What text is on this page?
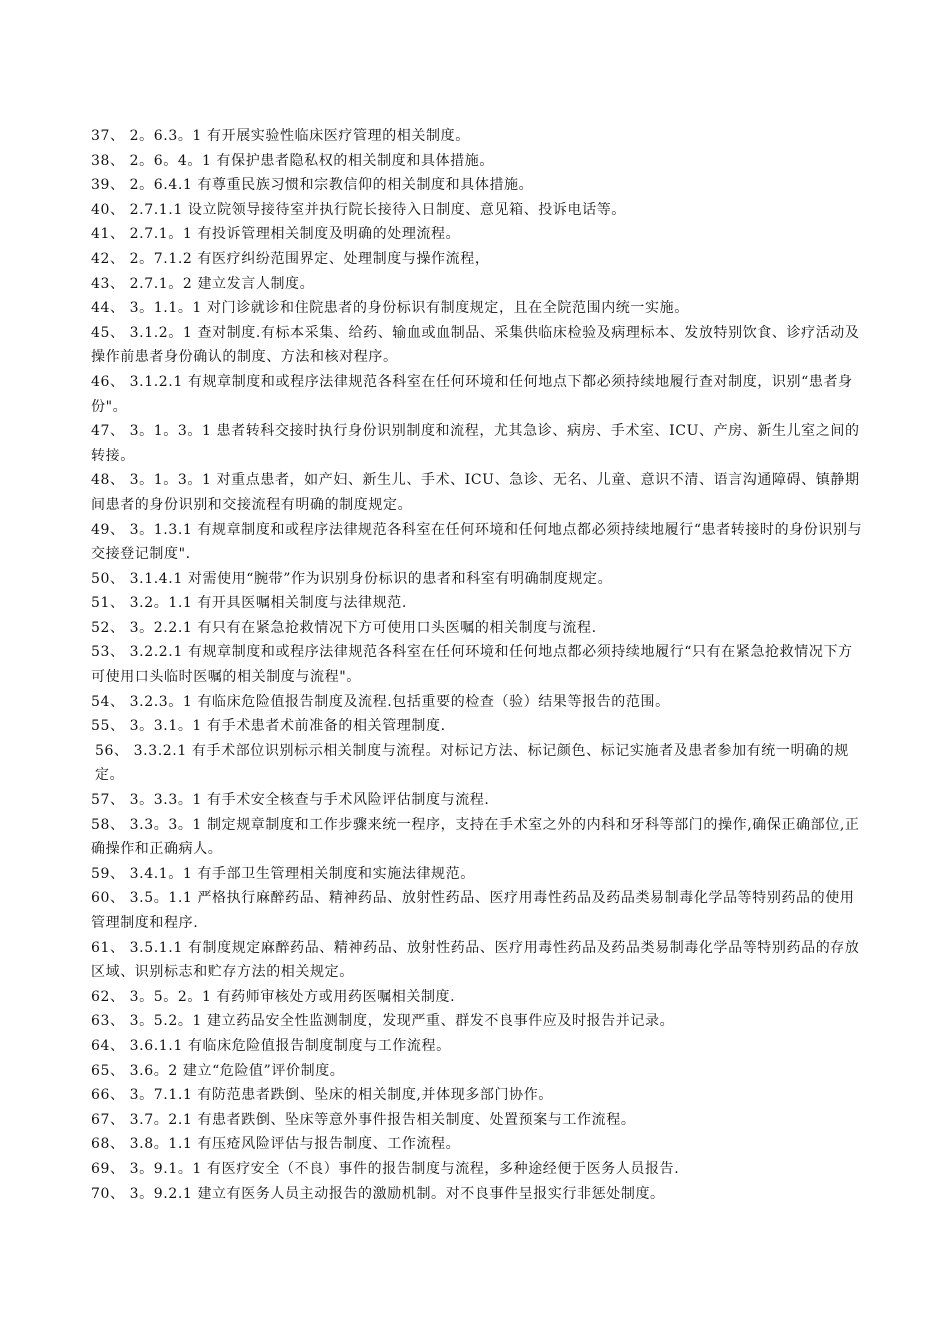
37、 2。6.3。1 有开展实验性临床医疗管理的相关制度。
38、 2。6。4。1 有保护患者隐私权的相关制度和具体措施。
39、 2。6.4.1 有尊重民族习惯和宗教信仰的相关制度和具体措施。
40、 2.7.1.1 设立院领导接待室并执行院长接待入日制度、意见箱、投诉电话等。
41、 2.7.1。1 有投诉管理相关制度及明确的处理流程。
42、 2。7.1.2 有医疗纠纷范围界定、处理制度与操作流程，
43、 2.7.1。2 建立发言人制度。
44、 3。1.1。1 对门诊就诊和住院患者的身份标识有制度规定，且在全院范围内统一实施。
45、 3.1.2。1 查对制度.有标本采集、给药、输血或血制品、采集供临床检验及病理标本、发放特别饮食、诊疗活动及操作前患者身份确认的制度、方法和核对程序。
46、 3.1.2.1 有规章制度和或程序法律规范各科室在任何环境和任何地点下都必须持续地履行查对制度，识别“患者身份"。
47、 3。1。3。1 患者转科交接时执行身份识别制度和流程，尤其急诊、病房、手术室、ICU、产房、新生儿室之间的转接。
48、 3。1。3。1 对重点患者，如产妇、新生儿、手术、ICU、急诊、无名、儿童、意识不清、语言沟通障碍、镇静期间患者的身份识别和交接流程有明确的制度规定。
49、 3。1.3.1 有规章制度和或程序法律规范各科室在任何环境和任何地点都必须持续地履行“患者转接时的身份识别与交接登记制度".
50、 3.1.4.1 对需使用“腕带”作为识别身份标识的患者和科室有明确制度规定。
51、 3.2。1.1 有开具医嘱相关制度与法律规范.
52、 3。2.2.1 有只有在紧急抢救情况下方可使用口头医嘱的相关制度与流程.
53、 3.2.2.1 有规章制度和或程序法律规范各科室在任何环境和任何地点都必须持续地履行“只有在紧急抢救情况下方可使用口头临时医嘱的相关制度与流程"。
54、 3.2.3。1 有临床危险值报告制度及流程.包括重要的检查（验）结果等报告的范围。
55、 3。3.1。1 有手术患者术前准备的相关管理制度.
56、 3.3.2.1 有手术部位识别标示相关制度与流程。对标记方法、标记颜色、标记实施者及患者参加有统一明确的规定。
57、 3。3.3。1 有手术安全核查与手术风险评估制度与流程.
58、 3.3。3。1 制定规章制度和工作步骤来统一程序，支持在手术室之外的内科和牙科等部门的操作,确保正确部位,正确操作和正确病人。
59、 3.4.1。1 有手部卫生管理相关制度和实施法律规范。
60、 3.5。1.1 严格执行麻醉药品、精神药品、放射性药品、医疗用毒性药品及药品类易制毒化学品等特别药品的使用管理制度和程序.
61、 3.5.1.1 有制度规定麻醉药品、精神药品、放射性药品、医疗用毒性药品及药品类易制毒化学品等特别药品的存放区域、识别标志和贮存方法的相关规定。
62、 3。5。2。1 有药师审核处方或用药医嘱相关制度.
63、 3。5.2。1 建立药品安全性监测制度，发现严重、群发不良事件应及时报告并记录。
64、 3.6.1.1 有临床危险值报告制度制度与工作流程。
65、 3.6。2 建立“危险值”评价制度。
66、 3。7.1.1 有防范患者跌倒、坠床的相关制度,并体现多部门协作。
67、 3.7。2.1 有患者跌倒、坠床等意外事件报告相关制度、处置预案与工作流程。
68、 3.8。1.1 有压疮风险评估与报告制度、工作流程。
69、 3。9.1。1 有医疗安全（不良）事件的报告制度与流程，多种途经便于医务人员报告.
70、 3。9.2.1 建立有医务人员主动报告的激励机制。对不良事件呈报实行非惩处制度。
